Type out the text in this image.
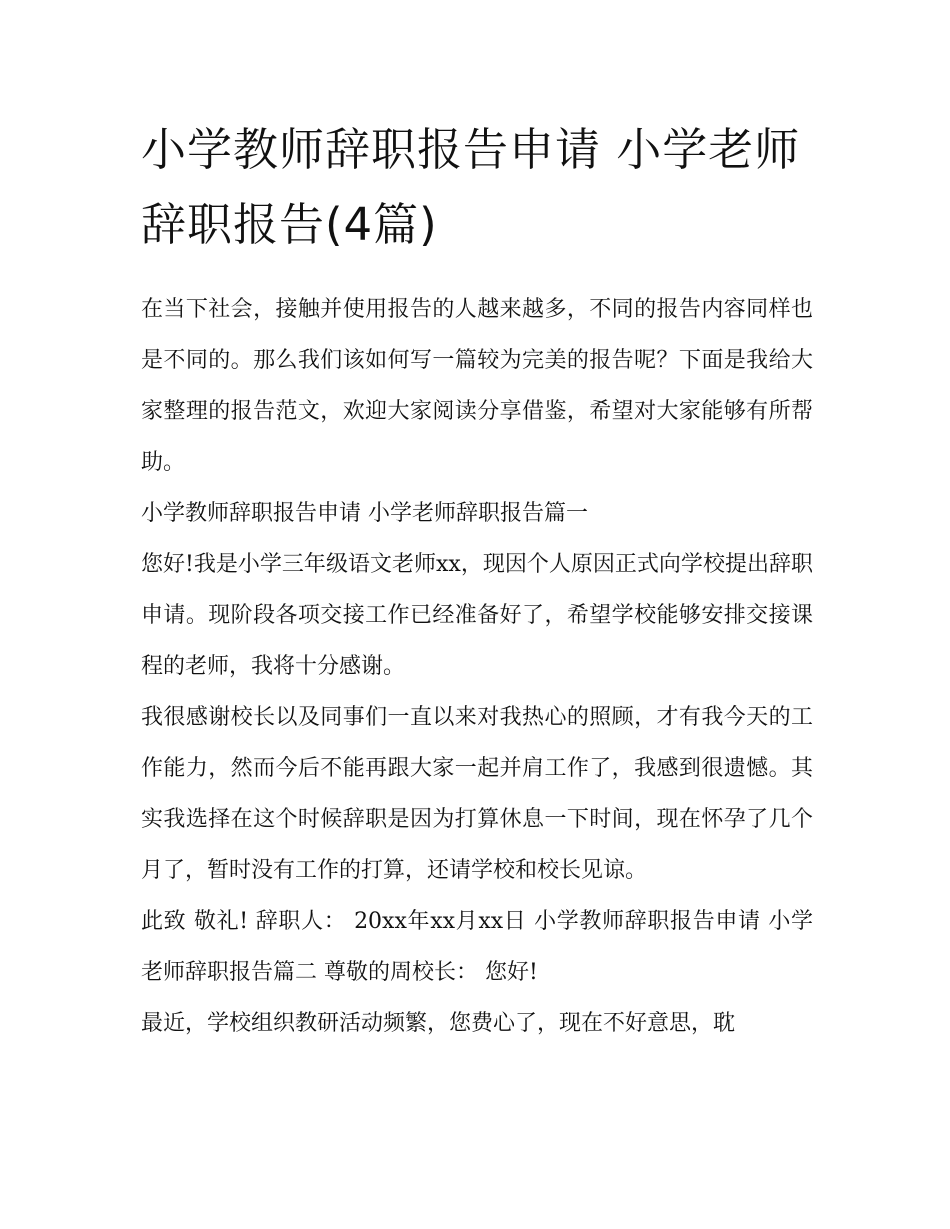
小学教师辞职报告申请 小学老师辞职报告(4篇)

在当下社会，接触并使用报告的人越来越多，不同的报告内容同样也是不同的。那么我们该如何写一篇较为完美的报告呢？下面是我给大家整理的报告范文，欢迎大家阅读分享借鉴，希望对大家能够有所帮助。

小学教师辞职报告申请 小学老师辞职报告篇一

您好!我是小学三年级语文老师xx，现因个人原因正式向学校提出辞职申请。现阶段各项交接工作已经准备好了，希望学校能够安排交接课程的老师，我将十分感谢。

我很感谢校长以及同事们一直以来对我热心的照顾，才有我今天的工作能力，然而今后不能再跟大家一起并肩工作了，我感到很遗憾。其实我选择在这个时候辞职是因为打算休息一下时间，现在怀孕了几个月了，暂时没有工作的打算，还请学校和校长见谅。

此致 敬礼! 辞职人： 20xx年xx月xx日 小学教师辞职报告申请 小学老师辞职报告篇二 尊敬的周校长： 您好!

最近，学校组织教研活动频繁，您费心了，现在不好意思，耽
